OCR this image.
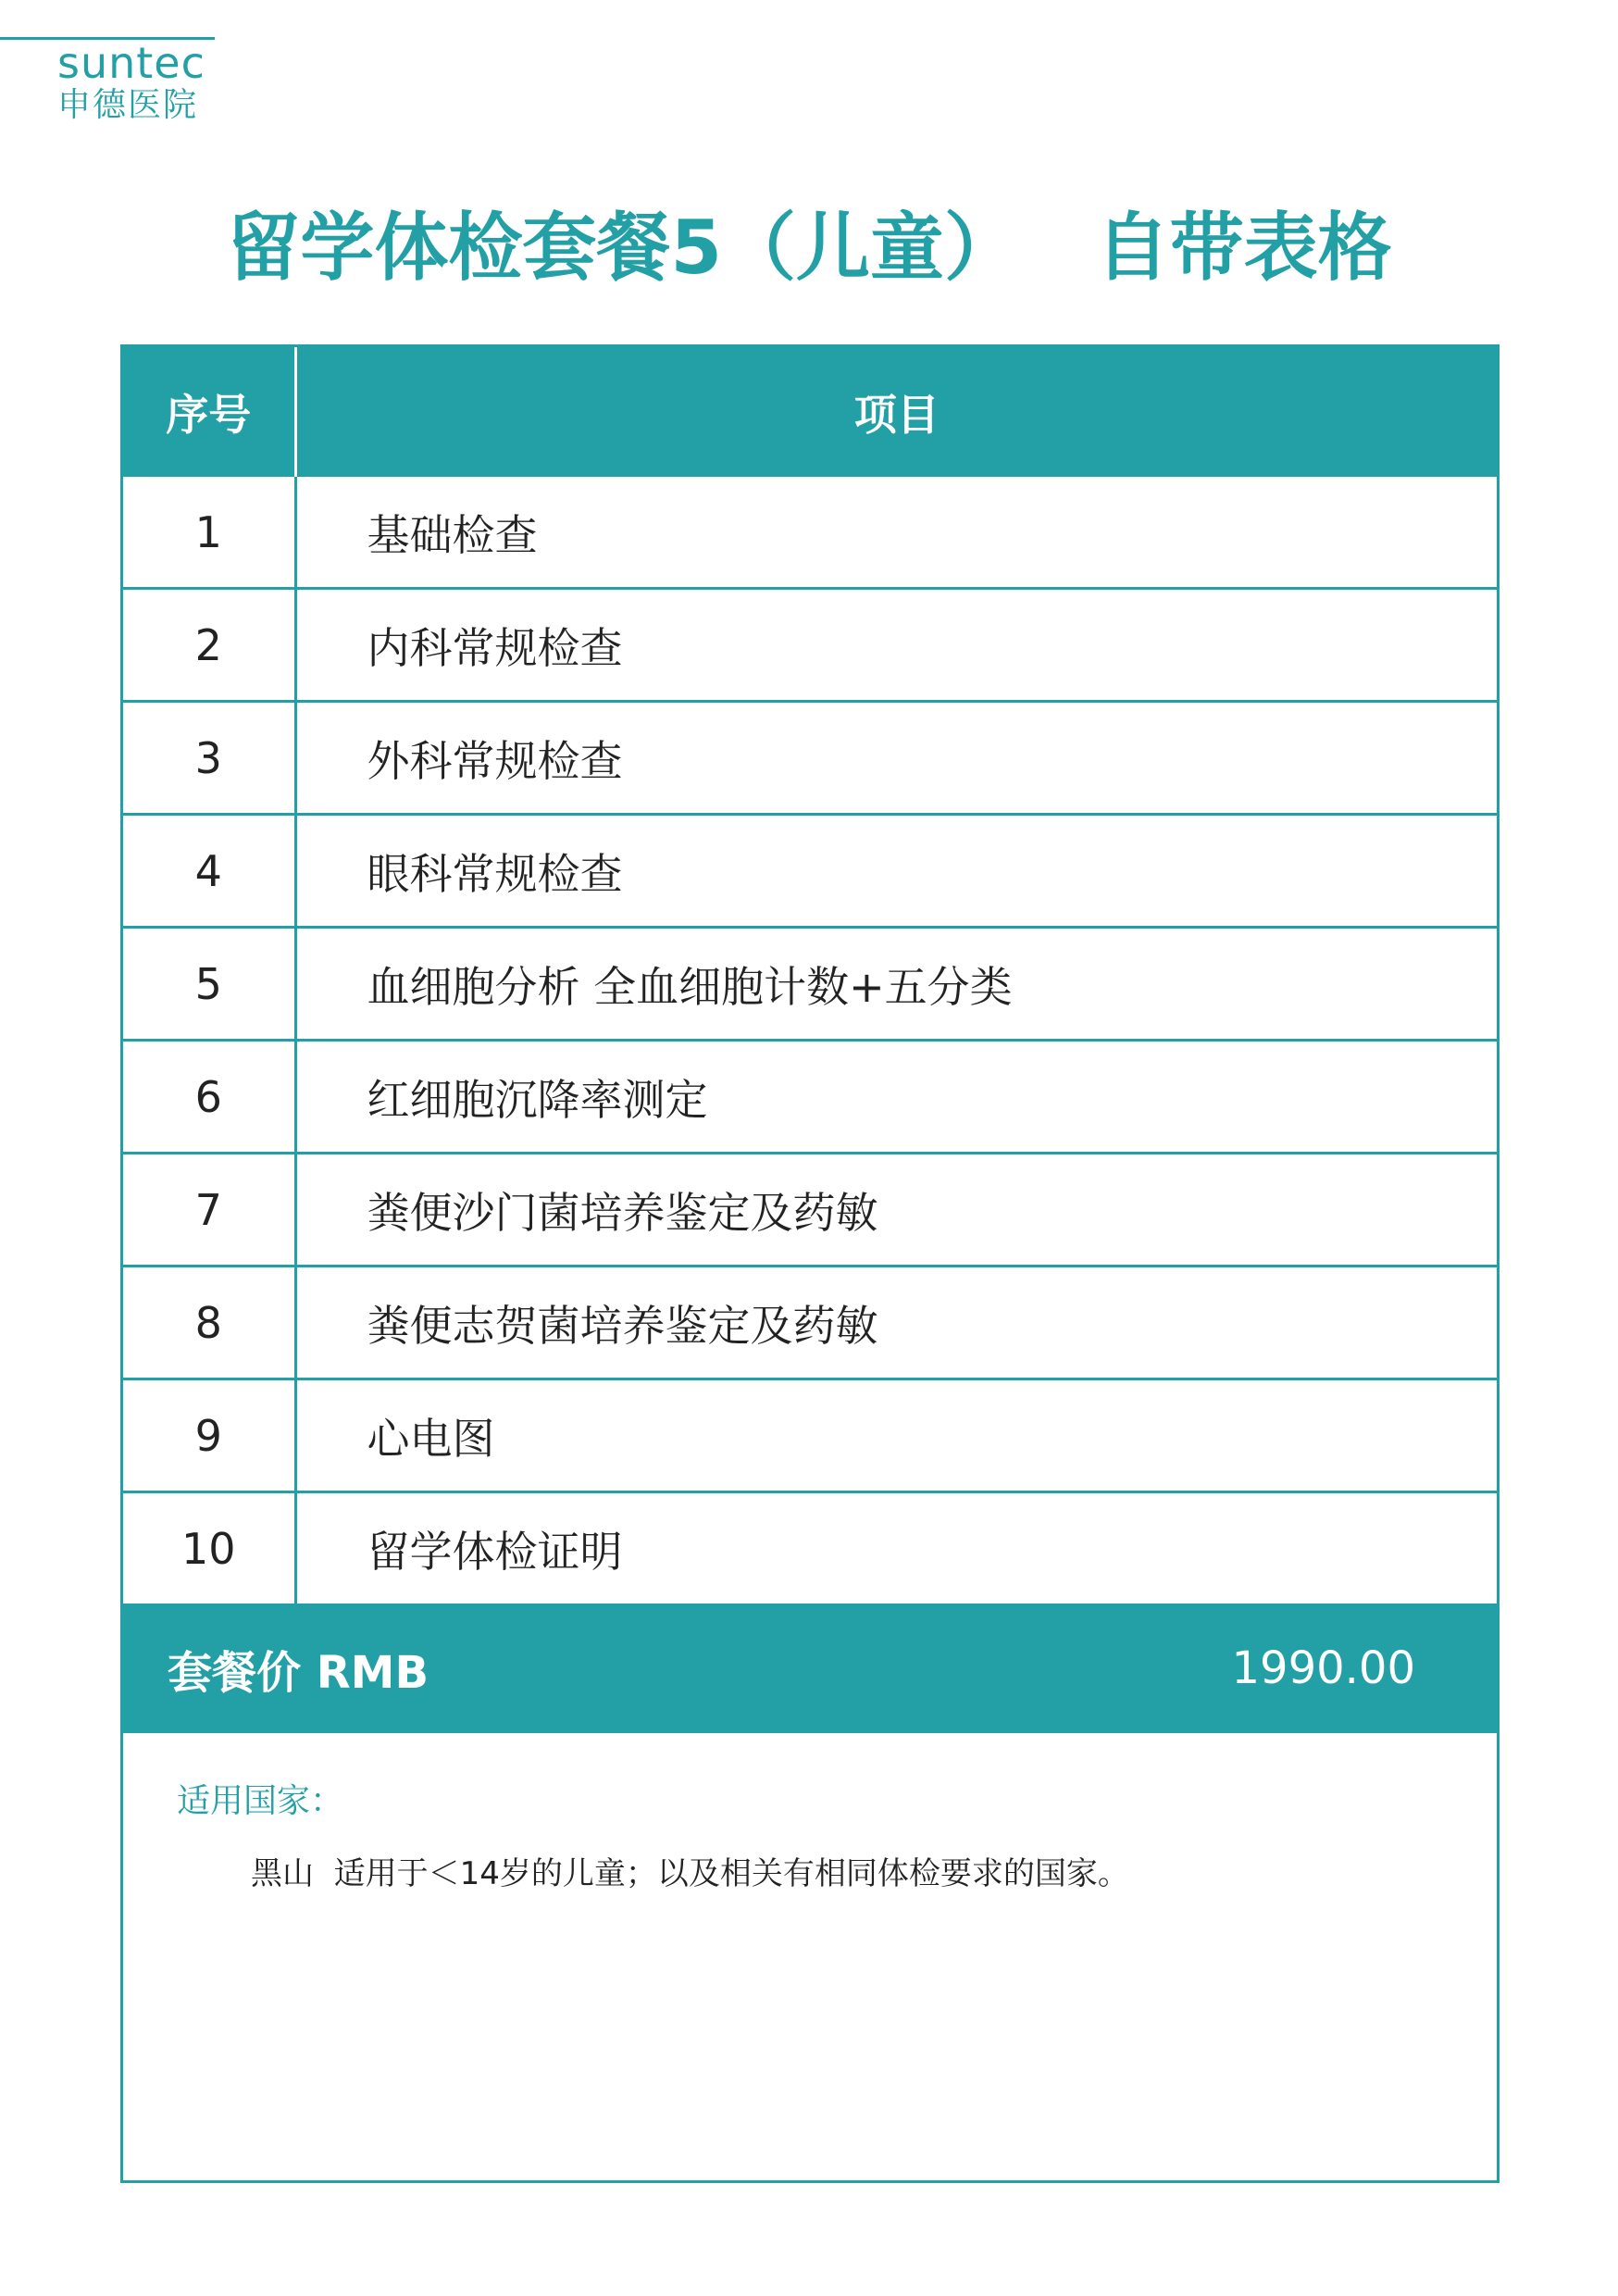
suntec
申德医院
留学体检套餐5（儿童）   自带表格
序号	项目
1	基础检查
2	内科常规检查
3	外科常规检查
4	眼科常规检查
5	血细胞分析 全血细胞计数+五分类
6	红细胞沉降率测定
7	粪便沙门菌培养鉴定及药敏
8	粪便志贺菌培养鉴定及药敏
9	心电图
10	留学体检证明
套餐价 RMB	1990.00
适用国家：
黑山  适用于＜14岁的儿童；以及相关有相同体检要求的国家。
